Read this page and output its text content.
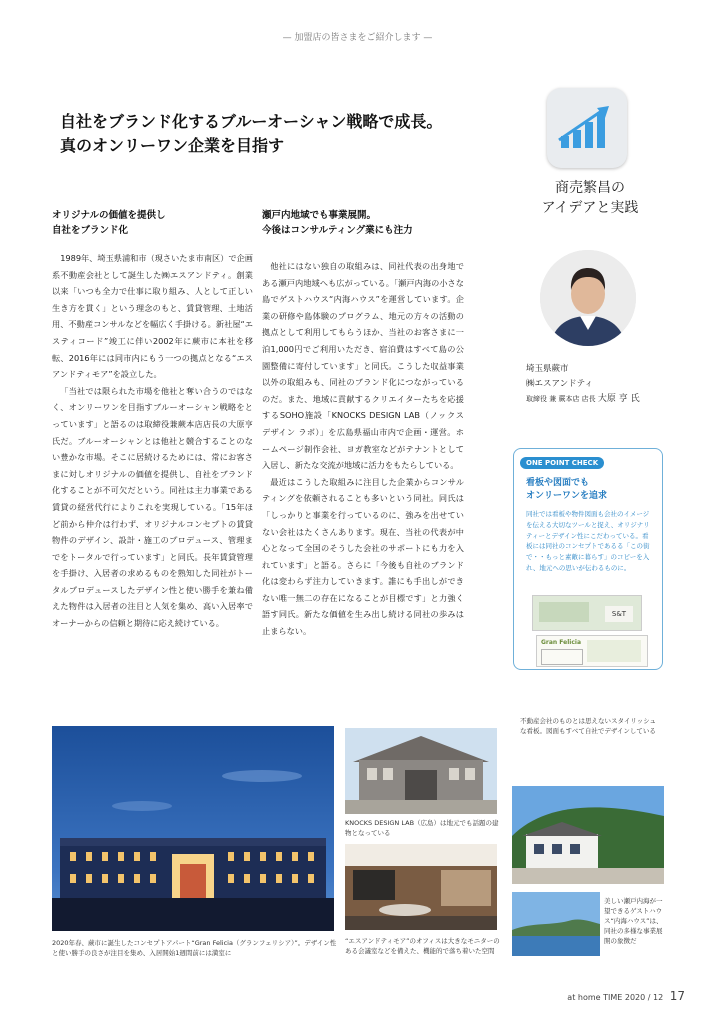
— 加盟店の皆さまをご紹介します —
自社をブランド化するブルーオーシャン戦略で成長。
真のオンリーワン企業を目指す
商売繁昌の
アイデアと実践
オリジナルの価値を提供し
自社をブランド化

1989年、埼玉県浦和市（現さいたま市南区）で企画系不動産会社として誕生した㈱エスアンドティ。創業以来「いつも全力で仕事に取り組み、人として正しい生き方を貫く」という理念のもと、賃貸管理、土地活用、不動産コンサルなどを幅広く手掛ける。新社屋“エスティコード”竣工に伴い2002年に蕨市に本社を移転、2016年には同市内にもう一つの拠点となる“エスアンドティモア”を設立した。

「当社では限られた市場を他社と奪い合うのではなく、オンリーワンを目指すブルーオーシャン戦略をとっています」と語るのは取締役兼蕨本店店長の大原亨氏だ。ブルーオーシャンとは他社と競合することのない豊かな市場。そこに居続けるためには、常にお客さまに対しオリジナルの価値を提供し、自社をブランド化することが不可欠だという。同社は主力事業である賃貸の経営代行によりこれを実現している。「15年ほど前から仲介は行わず、オリジナルコンセプトの賃貸物件のデザイン、設計・施工のプロデュース、管理までをトータルで行っています」と同氏。長年賃貸管理を手掛け、入居者の求めるものを熟知した同社がトータルプロデュースしたデザイン性と使い勝手を兼ね備えた物件は入居者の注目と人気を集め、高い入居率でオーナーからの信頼と期待に応え続けている。

瀬戸内地域でも事業展開。
今後はコンサルティング業にも注力

他社にはない独自の取組みは、同社代表の出身地である瀬戸内地域へも広がっている。「瀬戸内海の小さな島でゲストハウス“内海ハウス”を運営しています。企業の研修や島体験のプログラム、地元の方々の活動の拠点として利用してもらうほか、当社のお客さまに一泊1,000円でご利用いただき、宿泊費はすべて島の公園整備に寄付しています」と同氏。こうした収益事業以外の取組みも、同社のブランド化につながっているのだ。また、地域に貢献するクリエイターたちを応援するSOHO施設「KNOCKS DESIGN LAB（ノックス デザイン ラボ）」を広島県福山市内で企画・運営。ホームページ制作会社、ヨガ教室などがテナントとして入居し、新たな交流が地域に活力をもたらしている。

最近はこうした取組みに注目した企業からコンサルティングを依頼されることも多いという同社。同氏は「しっかりと事業を行っているのに、強みを出せていない会社はたくさんあります。現在、当社の代表が中心となって全国のそうした会社のサポートにも力を入れています」と語る。さらに「今後も自社のブランド化は変わらず注力していきます。誰にも手出しができない唯一無二の存在になることが目標です」と力強く語す同氏。新たな価値を生み出し続ける同社の歩みは止まらない。

埼玉県蕨市
㈱エスアンドティ
取締役 兼 蕨本店 店長 大原 亨 氏
ONE POINT CHECK
看板や図面でも
オンリーワンを追求
同社では看板や物件図面も会社のイメージを伝える大切なツールと捉え、オリジナリティーとデザイン性にこだわっている。看板には同社のコンセプトであるる「この街で・・もっと素敵に暮らす」のコピーを入れ、地元への思いが伝わるものに。
S&T
Gran Felicia
不動産会社のものとは思えないスタイリッシュな看板。図面もすべて自社でデザインしている
2020年春、蕨市に誕生したコンセプトアパート“Gran Felicia（グランフェリシア）”。デザイン性と使い勝手の良さが注目を集め、入居開始1週間前には満室に
KNOCKS DESIGN LAB（広島）は地元でも話題の建物となっている
“エスアンドティモア”のオフィスは大きなモニターのある会議室などを備えた、機能的で落ち着いた空間
美しい瀬戸内海が一望できるゲストハウス“内海ハウス”は、同社の多様な事業展開の象徴だ
at home TIME 2020 / 12 17
